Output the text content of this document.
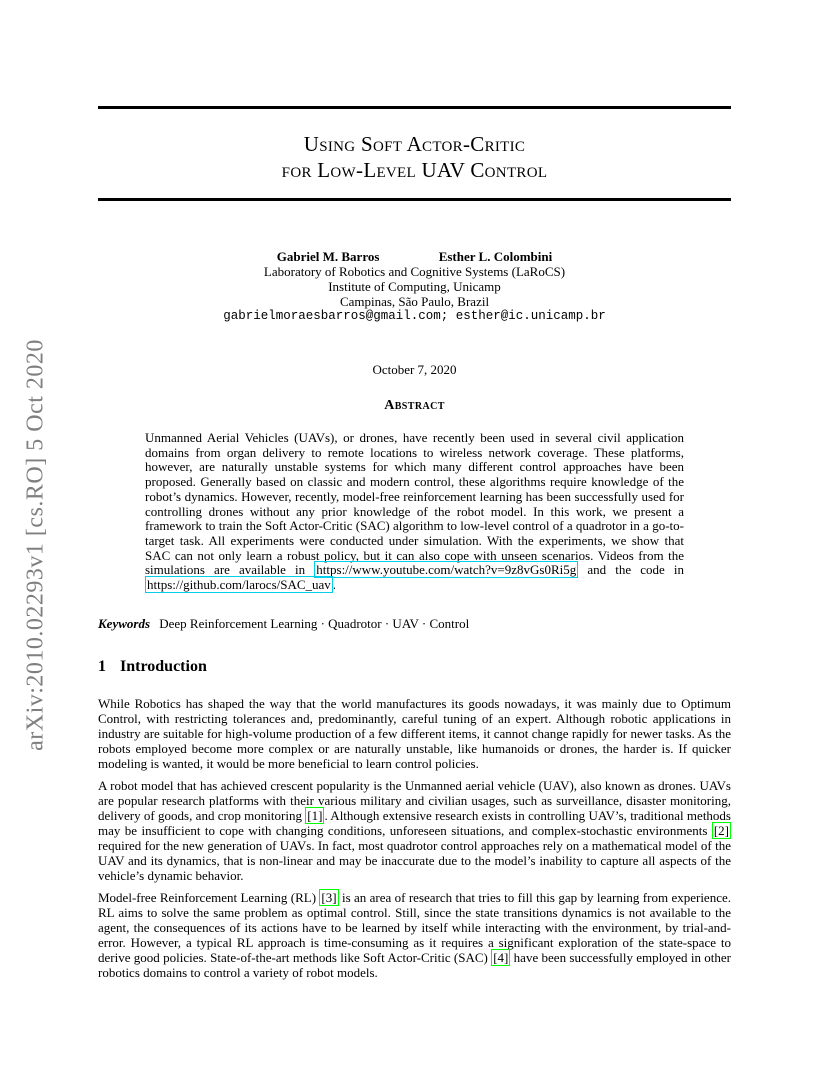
arXiv:2010.02293v1 [cs.RO] 5 Oct 2020
Using Soft Actor-Critic
for Low-Level UAV Control
Gabriel M. Barros	Esther L. Colombini
Laboratory of Robotics and Cognitive Systems (LaRoCS)
Institute of Computing, Unicamp
Campinas, São Paulo, Brazil
gabrielmoraesbarros@gmail.com; esther@ic.unicamp.br
October 7, 2020
Abstract

Unmanned Aerial Vehicles (UAVs), or drones, have recently been used in several civil application domains from organ delivery to remote locations to wireless network coverage. These platforms, however, are naturally unstable systems for which many different control approaches have been proposed. Generally based on classic and modern control, these algorithms require knowledge of the robot’s dynamics. However, recently, model-free reinforcement learning has been successfully used for controlling drones without any prior knowledge of the robot model. In this work, we present a framework to train the Soft Actor-Critic (SAC) algorithm to low-level control of a quadrotor in a go-to-target task. All experiments were conducted under simulation. With the experiments, we show that SAC can not only learn a robust policy, but it can also cope with unseen scenarios. Videos from the simulations are available in https://www.youtube.com/watch?v=9z8vGs0Ri5g and the code in https://github.com/larocs/SAC_uav .

Keywords Deep Reinforcement Learning · Quadrotor · UAV · Control
1 Introduction

While Robotics has shaped the way that the world manufactures its goods nowadays, it was mainly due to Optimum Control, with restricting tolerances and, predominantly, careful tuning of an expert. Although robotic applications in industry are suitable for high-volume production of a few different items, it cannot change rapidly for newer tasks. As the robots employed become more complex or are naturally unstable, like humanoids or drones, the harder is. If quicker modeling is wanted, it would be more beneficial to learn control policies.

A robot model that has achieved crescent popularity is the Unmanned aerial vehicle (UAV), also known as drones. UAVs are popular research platforms with their various military and civilian usages, such as surveillance, disaster monitoring, delivery of goods, and crop monitoring [1] . Although extensive research exists in controlling UAV’s, traditional methods may be insufficient to cope with changing conditions, unforeseen situations, and complex-stochastic environments [2] required for the new generation of UAVs. In fact, most quadrotor control approaches rely on a mathematical model of the UAV and its dynamics, that is non-linear and may be inaccurate due to the model’s inability to capture all aspects of the vehicle’s dynamic behavior.

Model-free Reinforcement Learning (RL) [3] is an area of research that tries to fill this gap by learning from experience. RL aims to solve the same problem as optimal control. Still, since the state transitions dynamics is not available to the agent, the consequences of its actions have to be learned by itself while interacting with the environment, by trial-and-error. However, a typical RL approach is time-consuming as it requires a significant exploration of the state-space to derive good policies. State-of-the-art methods like Soft Actor-Critic (SAC) [4] have been successfully employed in other robotics domains to control a variety of robot models.
